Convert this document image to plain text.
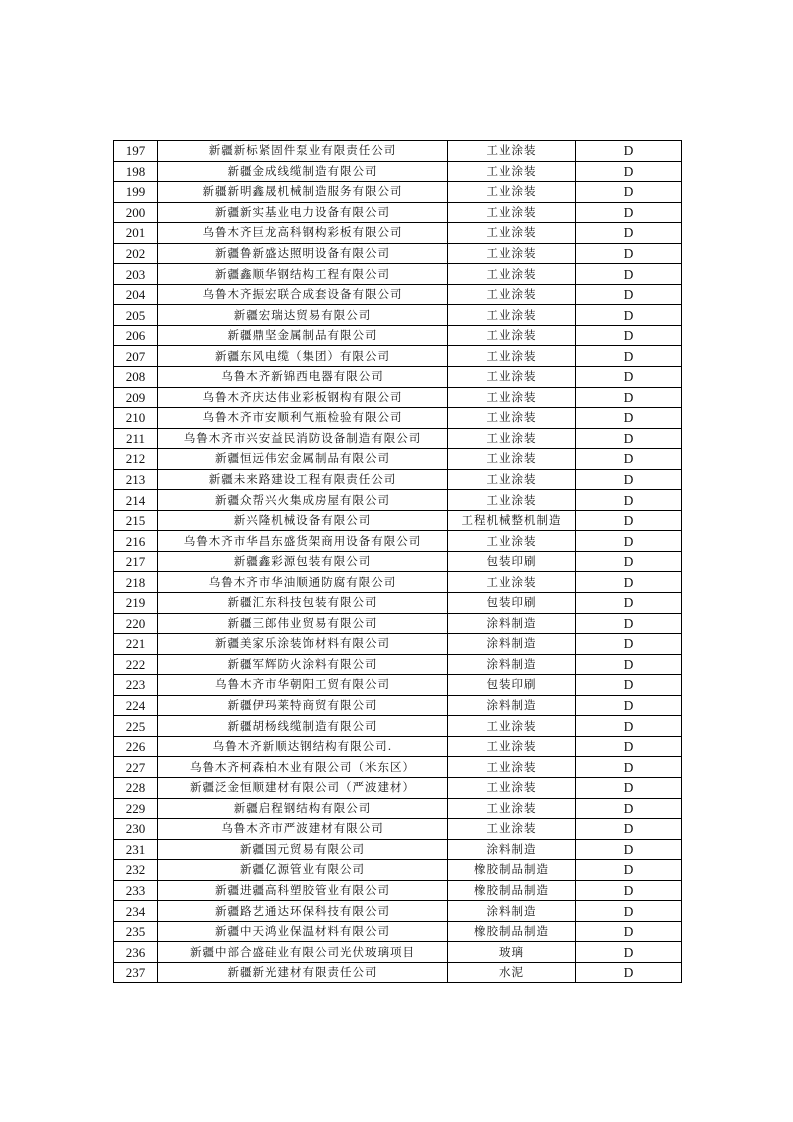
197	新疆新标紧固件泵业有限责任公司	工业涂装	D
198	新疆金成线缆制造有限公司	工业涂装	D
199	新疆新明鑫晟机械制造服务有限公司	工业涂装	D
200	新疆新实基业电力设备有限公司	工业涂装	D
201	乌鲁木齐巨龙高科钢构彩板有限公司	工业涂装	D
202	新疆鲁新盛达照明设备有限公司	工业涂装	D
203	新疆鑫顺华钢结构工程有限公司	工业涂装	D
204	乌鲁木齐振宏联合成套设备有限公司	工业涂装	D
205	新疆宏瑞达贸易有限公司	工业涂装	D
206	新疆鼎坚金属制品有限公司	工业涂装	D
207	新疆东风电缆（集团）有限公司	工业涂装	D
208	乌鲁木齐新锦西电器有限公司	工业涂装	D
209	乌鲁木齐庆达伟业彩板钢构有限公司	工业涂装	D
210	乌鲁木齐市安顺利气瓶检验有限公司	工业涂装	D
211	乌鲁木齐市兴安益民消防设备制造有限公司	工业涂装	D
212	新疆恒远伟宏金属制品有限公司	工业涂装	D
213	新疆未来路建设工程有限责任公司	工业涂装	D
214	新疆众帮兴火集成房屋有限公司	工业涂装	D
215	新兴隆机械设备有限公司	工程机械整机制造	D
216	乌鲁木齐市华昌东盛货架商用设备有限公司	工业涂装	D
217	新疆鑫彩源包装有限公司	包装印刷	D
218	乌鲁木齐市华油顺通防腐有限公司	工业涂装	D
219	新疆汇东科技包装有限公司	包装印刷	D
220	新疆三郎伟业贸易有限公司	涂料制造	D
221	新疆美家乐涂装饰材料有限公司	涂料制造	D
222	新疆军辉防火涂料有限公司	涂料制造	D
223	乌鲁木齐市华朝阳工贸有限公司	包装印刷	D
224	新疆伊玛莱特商贸有限公司	涂料制造	D
225	新疆胡杨线缆制造有限公司	工业涂装	D
226	乌鲁木齐新顺达钢结构有限公司.	工业涂装	D
227	乌鲁木齐柯森柏木业有限公司（米东区）	工业涂装	D
228	新疆泛金恒顺建材有限公司（严波建材）	工业涂装	D
229	新疆启程钢结构有限公司	工业涂装	D
230	乌鲁木齐市严波建材有限公司	工业涂装	D
231	新疆国元贸易有限公司	涂料制造	D
232	新疆亿源管业有限公司	橡胶制品制造	D
233	新疆进疆高科塑胶管业有限公司	橡胶制品制造	D
234	新疆路艺通达环保科技有限公司	涂料制造	D
235	新疆中天鸿业保温材料有限公司	橡胶制品制造	D
236	新疆中部合盛硅业有限公司光伏玻璃项目	玻璃	D
237	新疆新光建材有限责任公司	水泥	D
